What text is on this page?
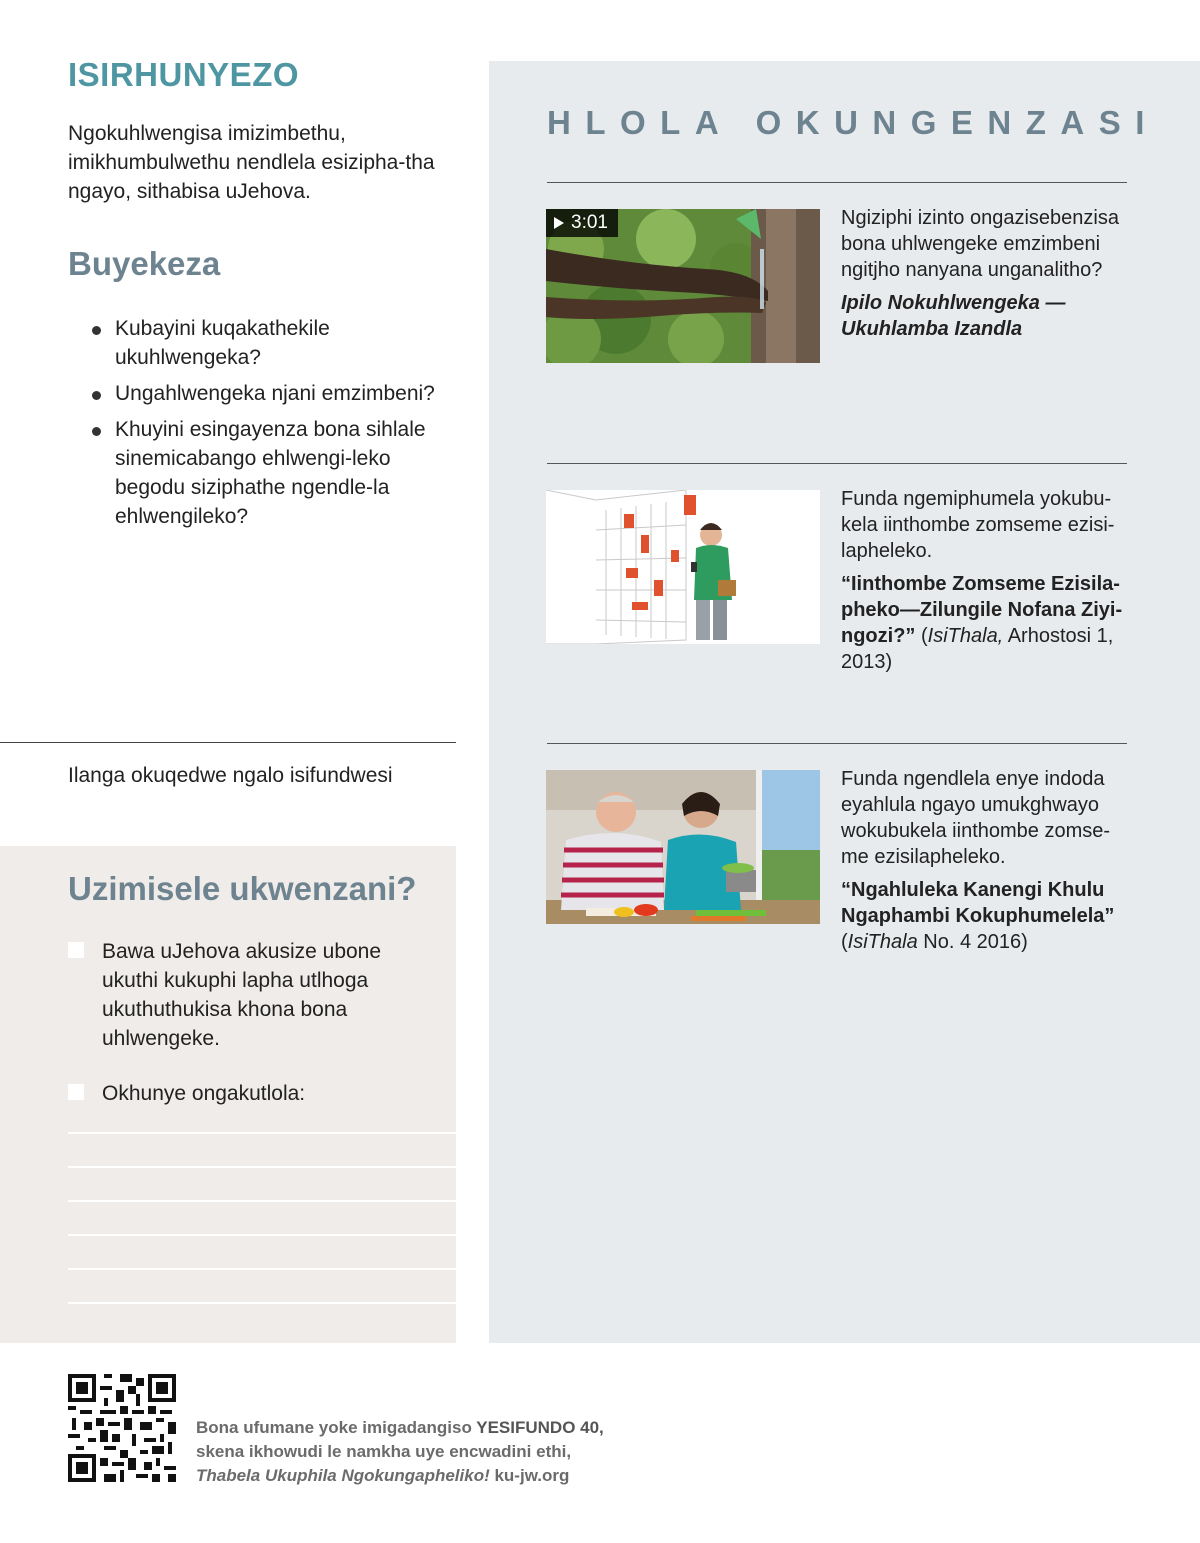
ISIRHUNYEZO

Ngokuhlwengisa imizimbethu, imikhumbulwethu nendlela esizipha-tha ngayo, sithabisa uJehova.

Buyekeza
Kubayini kuqakathekile ukuhlwengeka?
Ungahlwengeka njani emzimbeni?
Khuyini esingayenza bona sihlale sinemicabango ehlwengi-leko begodu siziphathe ngendle-la ehlwengileko?
Ilanga okuqedwe ngalo isifundwesi
Uzimisele ukwenzani?
Bawa uJehova akusize ubone ukuthi kukuphi lapha utlhoga ukuthuthukisa khona bona uhlwengeke.
Okhunye ongakutlola:
HLOLA OKUNGENZASI
3:01	Ngiziphi izinto ongazisebenzisa bona uhlwengeke emzimbeni ngitjho nanyana unganalitho?
Ipilo Nokuhlwengeka —Ukuhlamba Izandla
Funda ngemiphumela yokubu-kela iinthombe zomseme ezisi-lapheleko.
“Iinthombe Zomseme Ezisila-pheko—Zilungile Nofana Ziyi-ngozi?” (IsiThala, Arhostosi 1, 2013)
Funda ngendlela enye indoda eyahlula ngayo umukghwayo wokubukela iinthombe zomse-me ezisilapheleko.
“Ngahluleka Kanengi Khulu Ngaphambi Kokuphumelela” (IsiThala No. 4 2016)
Bona ufumane yoke imigadangiso YESIFUNDO 40,
skena ikhowudi le namkha uye encwadini ethi,
Thabela Ukuphila Ngokungapheliko! ku-jw.org
